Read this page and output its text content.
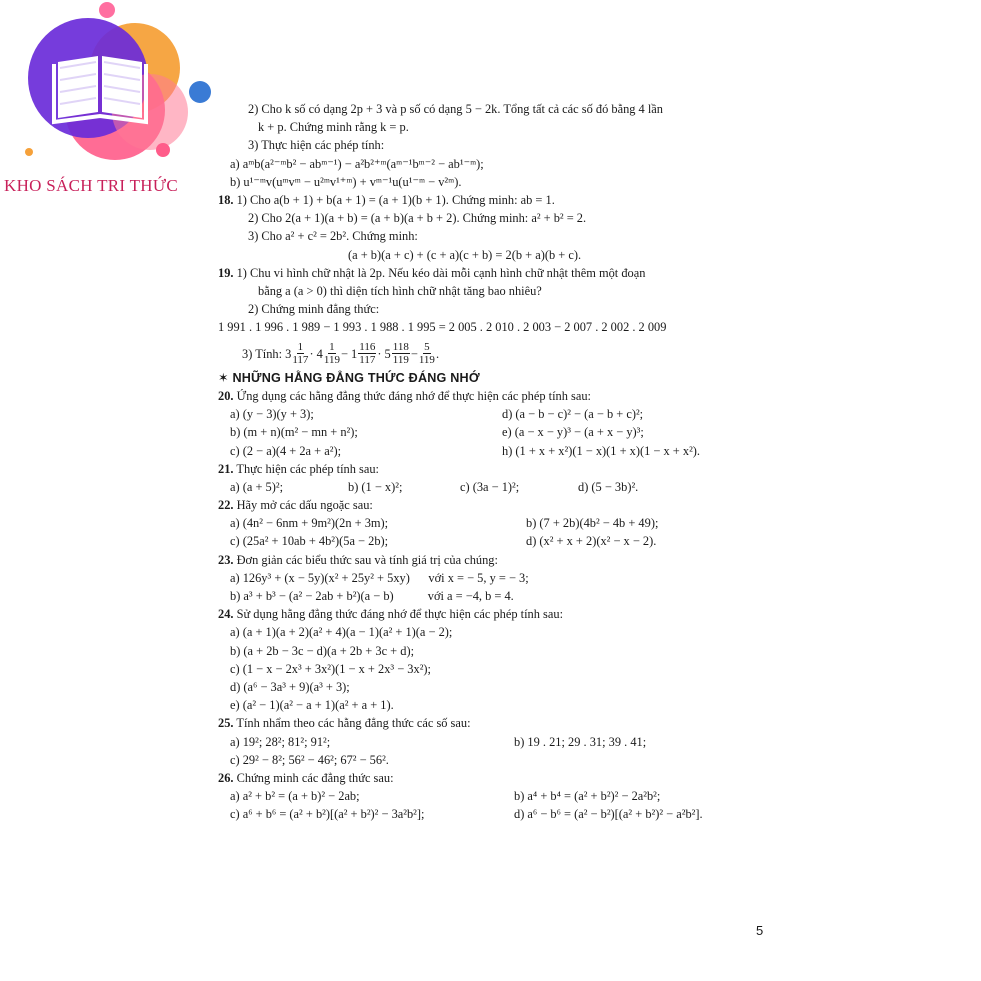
KHO SÁCH TRI THỨC
2) Cho k số có dạng 2p + 3 và p số có dạng 5 − 2k. Tổng tất cả các số đó bằng 4 lần
k + p. Chứng minh rằng k = p.
3) Thực hiện các phép tính:
a) aᵐb(a²⁻ᵐb² − abᵐ⁻¹) − a²b²⁺ᵐ(aᵐ⁻¹bᵐ⁻² − ab¹⁻ᵐ);
b) u¹⁻ᵐv(uᵐvᵐ − u²ᵐv¹⁺ᵐ) + vᵐ⁻¹u(u¹⁻ᵐ − v²ᵐ).
18. 1) Cho a(b + 1) + b(a + 1) = (a + 1)(b + 1). Chứng minh: ab = 1.
2) Cho 2(a + 1)(a + b) = (a + b)(a + b + 2). Chứng minh: a² + b² = 2.
3) Cho a² + c² = 2b². Chứng minh:
(a + b)(a + c) + (c + a)(c + b) = 2(b + a)(b + c).
19. 1) Chu vi hình chữ nhật là 2p. Nếu kéo dài mỗi cạnh hình chữ nhật thêm một đoạn
bằng a (a > 0) thì diện tích hình chữ nhật tăng bao nhiêu?
2) Chứng minh đẳng thức:
1 991 . 1 996 . 1 989 − 1 993 . 1 988 . 1 995 = 2 005 . 2 010 . 2 003 − 2 007 . 2 002 . 2 009
3) Tính: $3 \frac{1}{117} \cdot 4 \frac{1}{119} - 1 \frac{116}{117} \cdot 5 \frac{118}{119} - \frac{5}{119}$ .
✶ NHỮNG HẰNG ĐẲNG THỨC ĐÁNG NHỚ
20. Ứng dụng các hằng đẳng thức đáng nhớ để thực hiện các phép tính sau:
a) (y − 3)(y + 3);	d) (a − b − c)² − (a − b + c)²;
b) (m + n)(m² − mn + n²);	e) (a − x − y)³ − (a + x − y)³;
c) (2 − a)(4 + 2a + a²);	h) (1 + x + x²)(1 − x)(1 + x)(1 − x + x²).
21. Thực hiện các phép tính sau:
a) (a + 5)²;	b) (1 − x)²;	c) (3a − 1)²;	d) (5 − 3b)².
22. Hãy mở các dấu ngoặc sau:
a) (4n² − 6nm + 9m²)(2n + 3m);	b) (7 + 2b)(4b² − 4b + 49);
c) (25a² + 10ab + 4b²)(5a − 2b);	d) (x² + x + 2)(x² − x − 2).
23. Đơn giản các biểu thức sau và tính giá trị của chúng:
a) 126y³ + (x − 5y)(x² + 25y² + 5xy)      với x = − 5, y = − 3;
b) a³ + b³ − (a² − 2ab + b²)(a − b)           với a = −4, b = 4.
24. Sử dụng hằng đẳng thức đáng nhớ để thực hiện các phép tính sau:
a) (a + 1)(a + 2)(a² + 4)(a − 1)(a² + 1)(a − 2);
b) (a + 2b − 3c − d)(a + 2b + 3c + d);
c) (1 − x − 2x³ + 3x²)(1 − x + 2x³ − 3x²);
d) (a⁶ − 3a³ + 9)(a³ + 3);
e) (a² − 1)(a² − a + 1)(a² + a + 1).
25. Tính nhẩm theo các hằng đẳng thức các số sau:
a) 19²; 28²; 81²; 91²;	b) 19 . 21; 29 . 31; 39 . 41;
c) 29² − 8²; 56² − 46²; 67² − 56².
26. Chứng minh các đẳng thức sau:
a) a² + b² = (a + b)² − 2ab;	b) a⁴ + b⁴ = (a² + b²)² − 2a²b²;
c) a⁶ + b⁶ = (a² + b²)[(a² + b²)² − 3a²b²];	d) a⁶ − b⁶ = (a² − b²)[(a² + b²)² − a²b²].
5
